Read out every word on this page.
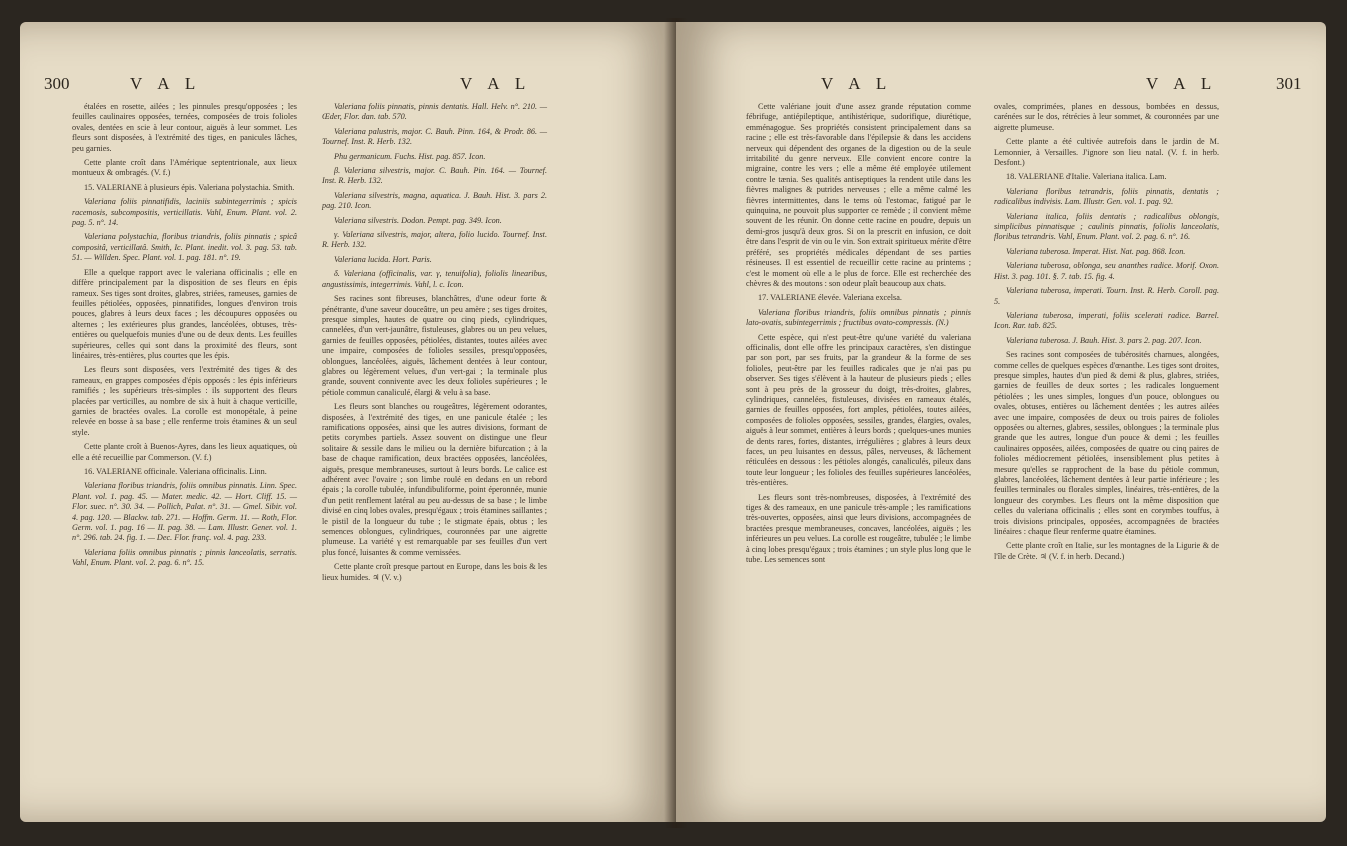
300	V A L	V A L

étalées en rosette, ailées ; les pinnules presqu'opposées ; les feuilles caulinaires opposées, ternées, composées de trois folioles ovales, dentées en scie à leur contour, aiguës à leur sommet. Les fleurs sont disposées, à l'extrémité des tiges, en panicules lâches, peu garnies.

Cette plante croît dans l'Amérique septentrionale, aux lieux montueux & ombragés. (V. f.)

15. VALERIANE à plusieurs épis. Valeriana polystachia. Smith.

Valeriana foliis pinnatifidis, laciniis subintegerrimis ; spicis racemosis, subcompositis, verticillatis. Vahl, Enum. Plant. vol. 2. pag. 5. n°. 14.

Valeriana polystachia, floribus triandris, foliis pinnatis ; spicâ compositâ, verticillatâ. Smith, Ic. Plant. inedit. vol. 3. pag. 53. tab. 51. — Willden. Spec. Plant. vol. 1. pag. 181. n°. 19.

Elle a quelque rapport avec le valeriana officinalis ; elle en diffère principalement par la disposition de ses fleurs en épis rameux. Ses tiges sont droites, glabres, striées, rameuses, garnies de feuilles pétiolées, opposées, pinnatifides, longues d'environ trois pouces, glabres à leurs deux faces ; les découpures opposées ou alternes ; les extérieures plus grandes, lancéolées, obtuses, très-entières ou quelquefois munies d'une ou de deux dents. Les feuilles supérieures, celles qui sont dans la proximité des fleurs, sont linéaires, très-entières, plus courtes que les épis.

Les fleurs sont disposées, vers l'extrémité des tiges & des rameaux, en grappes composées d'épis opposés : les épis inférieurs ramifiés ; les supérieurs très-simples : ils supportent des fleurs placées par verticilles, au nombre de six à huit à chaque verticille, garnies de bractées ovales. La corolle est monopétale, à peine relevée en bosse à sa base ; elle renferme trois étamines & un seul style.

Cette plante croît à Buenos-Ayres, dans les lieux aquatiques, où elle a été recueillie par Commerson. (V. f.)

16. VALERIANE officinale. Valeriana officinalis. Linn.

Valeriana floribus triandris, foliis omnibus pinnatis. Linn. Spec. Plant. vol. 1. pag. 45. — Mater. medic. 42. — Hort. Cliff. 15. — Flor. suec. n°. 30. 34. — Pollich, Palat. n°. 31. — Gmel. Sibir. vol. 4. pag. 120. — Blackw. tab. 271. — Hoffm. Germ. 11. — Roth, Flor. Germ. vol. 1. pag. 16 — II. pag. 38. — Lam. Illustr. Gener. vol. 1. n°. 296. tab. 24. fig. 1. — Dec. Flor. franç. vol. 4. pag. 233.

Valeriana foliis omnibus pinnatis ; pinnis lanceolatis, serratis. Vahl, Enum. Plant. vol. 2. pag. 6. n°. 15.

Valeriana foliis pinnatis, pinnis dentatis. Hall. Helv. n°. 210. — Œder, Flor. dan. tab. 570.

Valeriana palustris, major. C. Bauh. Pinn. 164, & Prodr. 86. — Tournef. Inst. R. Herb. 132.

Phu germanicum. Fuchs. Hist. pag. 857. Icon.

β. Valeriana silvestris, major. C. Bauh. Pin. 164. — Tournef. Inst. R. Herb. 132.

Valeriana silvestris, magna, aquatica. J. Bauh. Hist. 3. pars 2. pag. 210. Icon.

Valeriana silvestris. Dodon. Pempt. pag. 349. Icon.

γ. Valeriana silvestris, major, altera, folio lucido. Tournef. Inst. R. Herb. 132.

Valeriana lucida. Hort. Paris.

δ. Valeriana (officinalis, var. γ, tenuifolia), foliolis linearibus, angustissimis, integerrimis. Vahl, l. c. Icon.

Ses racines sont fibreuses, blanchâtres, d'une odeur forte & pénétrante, d'une saveur douceâtre, un peu amère ; ses tiges droites, presque simples, hautes de quatre ou cinq pieds, cylindriques, cannelées, d'un vert-jaunâtre, fistuleuses, glabres ou un peu velues, garnies de feuilles opposées, pétiolées, distantes, toutes ailées avec une impaire, composées de folioles sessiles, presqu'opposées, oblongues, lancéolées, aiguës, lâchement dentées à leur contour, glabres ou légèrement velues, d'un vert-gai ; la terminale plus grande, souvent connivente avec les deux folioles supérieures ; le pétiole commun canaliculé, élargi & velu à sa base.

Les fleurs sont blanches ou rougeâtres, légèrement odorantes, disposées, à l'extrémité des tiges, en une panicule étalée ; les ramifications opposées, ainsi que les autres divisions, formant de petits corymbes partiels. Assez souvent on distingue une fleur solitaire & sessile dans le milieu ou la dernière bifurcation ; à la base de chaque ramification, deux bractées opposées, lancéolées, aiguës, presque membraneuses, surtout à leurs bords. Le calice est adhérent avec l'ovaire ; son limbe roulé en dedans en un rebord épais ; la corolle tubulée, infundibuliforme, point éperonnée, munie d'un petit renflement latéral au peu au-dessus de sa base ; le limbe divisé en cinq lobes ovales, presqu'égaux ; trois étamines saillantes ; le pistil de la longueur du tube ; le stigmate épais, obtus ; les semences oblongues, cylindriques, couronnées par une aigrette plumeuse. La variété γ est remarquable par ses feuilles d'un vert plus foncé, luisantes & comme vernissées.

Cette plante croît presque partout en Europe, dans les bois & les lieux humides. ♃ (V. v.)

V A L	V A L	301

Cette valériane jouit d'une assez grande réputation comme fébrifuge, antiépileptique, antihistérique, sudorifique, diurétique, emménagogue. Ses propriétés consistent principalement dans sa racine ; elle est très-favorable dans l'épilepsie & dans les accidens nerveux qui dépendent des organes de la digestion ou de la seule irritabilité du genre nerveux. Elle convient encore contre la migraine, contre les vers ; elle a même été employée utilement contre le tænia. Ses qualités antiseptiques la rendent utile dans les fièvres malignes & putrides nerveuses ; elle a même calmé les fièvres intermittentes, dans le tems où l'estomac, fatigué par le quinquina, ne pouvoit plus supporter ce remède ; il convient même souvent de les réunir. On donne cette racine en poudre, depuis un demi-gros jusqu'à deux gros. Si on la prescrit en infusion, ce doit être dans l'esprit de vin ou le vin. Son extrait spiritueux mérite d'être préféré, ses propriétés médicales dépendant de ses parties résineuses. Il est essentiel de recueillir cette racine au printems ; c'est le moment où elle a le plus de force. Elle est recherchée des chèvres & des moutons : son odeur plaît beaucoup aux chats.

17. VALERIANE élevée. Valeriana excelsa.

Valeriana floribus triandris, foliis omnibus pinnatis ; pinnis lato-ovatis, subintegerrimis ; fructibus ovato-compressis. (N.)

Cette espèce, qui n'est peut-être qu'une variété du valeriana officinalis, dont elle offre les principaux caractères, s'en distingue par son port, par ses fruits, par la grandeur & la forme de ses folioles, peut-être par les feuilles radicales que je n'ai pas pu observer. Ses tiges s'élèvent à la hauteur de plusieurs pieds ; elles sont à peu près de la grosseur du doigt, très-droites, glabres, cylindriques, cannelées, fistuleuses, divisées en rameaux étalés, garnies de feuilles opposées, fort amples, pétiolées, toutes ailées, composées de folioles opposées, sessiles, grandes, élargies, ovales, aiguës à leur sommet, entières à leurs bords ; quelques-unes munies de dents rares, fortes, distantes, irrégulières ; glabres à leurs deux faces, un peu luisantes en dessus, pâles, nerveuses, & lâchement réticulées en dessous : les pétioles alongés, canaliculés, pileux dans toute leur longueur ; les folioles des feuilles supérieures lancéolées, très-entières.

Les fleurs sont très-nombreuses, disposées, à l'extrémité des tiges & des rameaux, en une panicule très-ample ; les ramifications très-ouvertes, opposées, ainsi que leurs divisions, accompagnées de bractées presque membraneuses, concaves, lancéolées, aiguës ; les inférieures un peu velues. La corolle est rougeâtre, tubulée ; le limbe à cinq lobes presqu'égaux ; trois étamines ; un style plus long que le tube. Les semences sont

ovales, comprimées, planes en dessous, bombées en dessus, carénées sur le dos, rétrécies à leur sommet, & couronnées par une aigrette plumeuse.

Cette plante a été cultivée autrefois dans le jardin de M. Lemonnier, à Versailles. J'ignore son lieu natal. (V. f. in herb. Desfont.)

18. VALERIANE d'Italie. Valeriana italica. Lam.

Valeriana floribus tetrandris, foliis pinnatis, dentatis ; radicalibus indivisis. Lam. Illustr. Gen. vol. 1. pag. 92.

Valeriana italica, foliis dentatis ; radicalibus oblongis, simplicibus pinnatisque ; caulinis pinnatis, foliolis lanceolatis, floribus tetrandris. Vahl, Enum. Plant. vol. 2. pag. 6. n°. 16.

Valeriana tuberosa. Imperat. Hist. Nat. pag. 868. Icon.

Valeriana tuberosa, oblonga, seu ananthes radice. Morif. Oxon. Hist. 3. pag. 101. §. 7. tab. 15. fig. 4.

Valeriana tuberosa, imperati. Tourn. Inst. R. Herb. Coroll. pag. 5.

Valeriana tuberosa, imperati, foliis scelerati radice. Barrel. Icon. Rar. tab. 825.

Valeriana tuberosa. J. Bauh. Hist. 3. pars 2. pag. 207. Icon.

Ses racines sont composées de tubérosités charnues, alongées, comme celles de quelques espèces d'œnanthe. Les tiges sont droites, presque simples, hautes d'un pied & demi & plus, glabres, striées, garnies de feuilles de deux sortes ; les radicales longuement pétiolées ; les unes simples, longues d'un pouce, oblongues ou ovales, obtuses, entières ou lâchement dentées ; les autres ailées avec une impaire, composées de deux ou trois paires de folioles opposées ou alternes, glabres, sessiles, oblongues ; la terminale plus grande que les autres, longue d'un pouce & demi ; les feuilles caulinaires opposées, ailées, composées de quatre ou cinq paires de folioles médiocrement pétiolées, insensiblement plus petites à mesure qu'elles se rapprochent de la base du pétiole commun, glabres, lancéolées, lâchement dentées à leur partie inférieure ; les feuilles terminales ou florales simples, linéaires, très-entières, de la longueur des corymbes. Les fleurs ont la même disposition que celles du valeriana officinalis ; elles sont en corymbes touffus, à trois divisions principales, opposées, accompagnées de bractées linéaires : chaque fleur renferme quatre étamines.

Cette plante croît en Italie, sur les montagnes de la Ligurie & de l'île de Crète. ♃ (V. f. in herb. Decand.)
